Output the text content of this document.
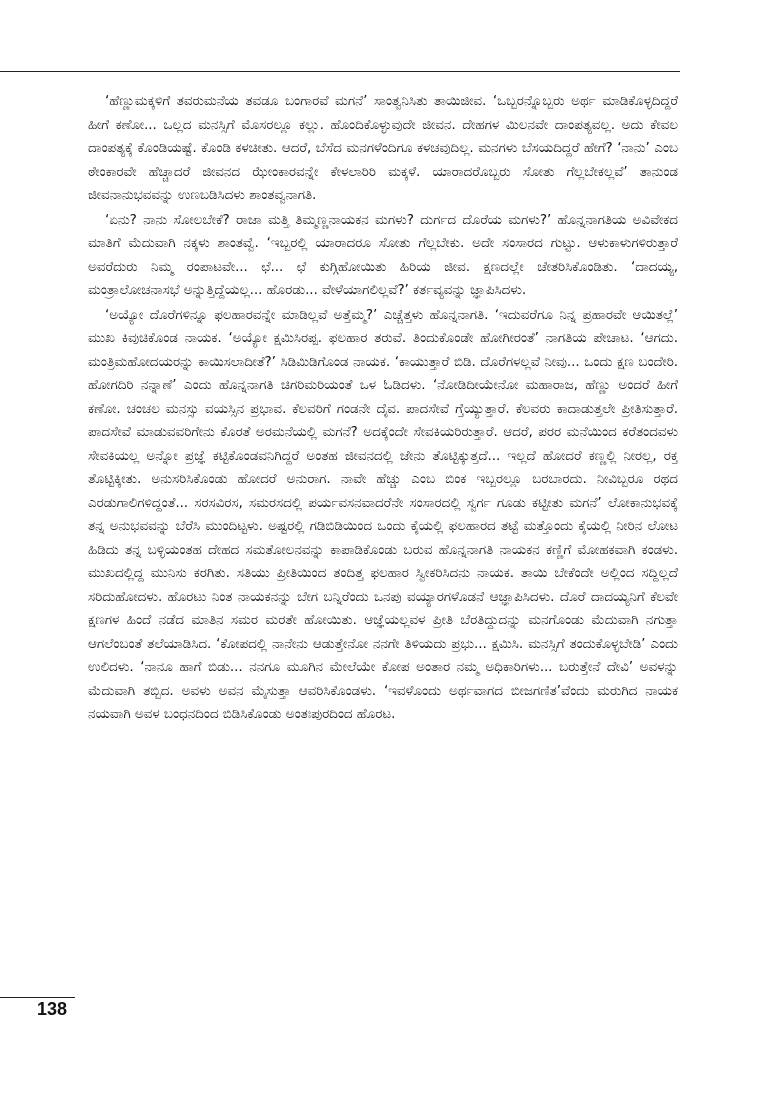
‘ಹೆಣ್ಣುಮಕ್ಕಳಿಗೆ ತವರುಮನೆಯ ತವಡೂ ಬಂಗಾರವೆ ಮಗನೆ’ ಸಾಂತ್ವನಿಸಿತು ತಾಯಿಜೀವ. ‘ಒಬ್ಬರನ್ನೊಬ್ಬರು ಅರ್ಥ ಮಾಡಿಕೊಳ್ಳದಿದ್ದರೆ ಹೀಗೆ ಕಣೋ... ಒಲ್ಲದ ಮನಸ್ಸಿಗೆ ಮೊಸರಲ್ಲೂ ಕಲ್ಲು. ಹೊಂದಿಕೊಳ್ಳುವುದೇ ಜೀವನ. ದೇಹಗಳ ಮಿಲನವೇ ದಾಂಪತ್ಯವಲ್ಲ. ಅದು ಕೇವಲ ದಾಂಪತ್ಯಕ್ಕೆ ಕೊಂಡಿಯಷ್ಟೆ. ಕೊಂಡಿ ಕಳಚೀತು. ಆದರೆ, ಬೆಸೆದ ಮನಗಳೆಂದಿಗೂ ಕಳಚವುದಿಲ್ಲ. ಮನಗಳು ಬೆಸಯದಿದ್ದರೆ ಹೇಗೆ? ‘ನಾನು’ ಎಂಬ ಠೇಂಕಾರವೇ ಹೆಚ್ಚಾದರೆ ಜೀವನದ ಝೇಂಕಾರವನ್ನೇ ಕೇಳಲಾರಿರಿ ಮಕ್ಕಳೆ. ಯಾರಾದರೊಬ್ಬರು ಸೋತು ಗೆಲ್ಲಬೇಕಲ್ಲವೆ’ ತಾನುಂಡ ಜೀವನಾನುಭವವನ್ನು ಉಣಬಡಿಸಿದಳು ಶಾಂತವ್ವನಾಗತಿ.

‘ಏನು? ನಾನು ಸೋಲಬೇಕೆ? ರಾಜಾ ಮತ್ತಿ ತಿಮ್ಮಣ್ಣನಾಯಕನ ಮಗಳು? ದುರ್ಗದ ದೊರೆಯ ಮಗಳು?’ ಹೊನ್ನನಾಗತಿಯ ಅವಿವೇಕದ ಮಾತಿಗೆ ಮೆದುವಾಗಿ ನಕ್ಕಳು ಶಾಂತವ್ವೆ. ‘ಇಬ್ಬರಲ್ಲಿ ಯಾರಾದರೂ ಸೋತು ಗೆಲ್ಲಬೇಕು. ಅದೇ ಸಂಸಾರದ ಗುಟ್ಟು. ಆಳುಕಾಳುಗಳಿರುತ್ತಾರೆ ಅವರೆದುರು ನಿಮ್ಮ ರಂಪಾಟವೇ... ಛೆ... ಛೆ ಕುಗ್ಗಿಹೋಯಿತು ಹಿರಿಯ ಜೀವ. ಕ್ಷಣದಲ್ಲೇ ಚೇತರಿಸಿಕೊಂಡಿತು. ‘ದಾದಯ್ಯ, ಮಂತ್ರಾಲೋಚನಾಸಭೆ ಅನ್ನುತ್ತಿದ್ದೆಯಲ್ಲ... ಹೊರಡು... ವೇಳೆಯಾಗಲಿಲ್ಲವೆ?’ ಕರ್ತವ್ಯವನ್ನು ಜ್ಞಾಪಿಸಿದಳು.

‘ಅಯ್ಯೋ ದೊರೆಗಳಿನ್ನೂ ಫಲಹಾರವನ್ನೇ ಮಾಡಿಲ್ಲವೆ ಅತ್ತೆಮ್ಮ?’ ಎಚ್ಚೆತ್ತಳು ಹೊನ್ನನಾಗತಿ. ‘ಇದುವರೆಗೂ ನಿನ್ನ ಪ್ರಹಾರವೇ ಆಯಿತಲ್ಲೆ’ ಮುಖ ಕಿವುಚಿಕೊಂಡ ನಾಯಕ. ‘ಅಯ್ಯೋ ಕ್ಷಮಿಸಿರಪ್ಪ. ಫಲಹಾರ ತರುವೆ. ತಿಂದುಕೊಂಡೇ ಹೋಗೀರಂತೆ’ ನಾಗತಿಯ ಪೇಚಾಟ. ‘ಆಗದು. ಮಂತ್ರಿಮಹೋದಯರನ್ನು ಕಾಯಿಸಲಾದೀತೆ?’ ಸಿಡಿಮಿಡಿಗೊಂಡ ನಾಯಕ. ‘ಕಾಯುತ್ತಾರೆ ಬಿಡಿ. ದೊರೆಗಳಲ್ಲವೆ ನೀವು... ಒಂದು ಕ್ಷಣ ಬಂದೇರಿ. ಹೋಗದಿರಿ ನನ್ನಾಣೆ’ ಎಂದು ಹೊನ್ನನಾಗತಿ ಚಿಗರಿಮರಿಯಂತೆ ಒಳ ಓಡಿದಳು. ‘ನೋಡಿದೀಯೇನೋ ಮಹಾರಾಜ, ಹೆಣ್ಣು ಅಂದರೆ ಹೀಗೆ ಕಣೋ. ಚಂಚಲ ಮನಸ್ಸು ವಯಸ್ಸಿನ ಪ್ರಭಾವ. ಕೆಲವರಿಗೆ ಗಂಡನೇ ದೈವ. ಪಾದಸೇವೆ ಗ್ತೆಯ್ಯುತ್ತಾರೆ. ಕೆಲವರು ಕಾದಾಡುತ್ತಲೇ ಪ್ರೀತಿಸುತ್ತಾರೆ. ಪಾದಸೇವೆ ಮಾಡುವವರಿಗೇನು ಕೊರತೆ ಅರಮನೆಯಲ್ಲಿ ಮಗನೆ? ಅದಕ್ಕೆಂದೇ ಸೇವಕಿಯರಿರುತ್ತಾರೆ. ಆದರೆ, ಪರರ ಮನೆಯಿಂದ ಕರೆತಂದವಳು ಸೇವಕಿಯಲ್ಲ ಅನ್ನೋ ಪ್ರಜ್ಞೆ ಕಟ್ಟಿಕೊಂಡವನಿಗಿದ್ದರೆ ಅಂತಹ ಜೀವನದಲ್ಲಿ ಜೇನು ತೊಟ್ಟಿಕ್ಕುತ್ತದೆ... ಇಲ್ಲದೆ ಹೋದರೆ ಕಣ್ಣಲ್ಲಿ ನೀರಲ್ಲ, ರಕ್ತ ತೊಟ್ಟಿಕ್ಕೀತು. ಅನುಸರಿಸಿಕೊಂಡು ಹೋದರೆ ಅನುರಾಗ. ನಾವೇ ಹೆಚ್ಚು ಎಂಬ ಬಿಂಕ ಇಬ್ಬರಲ್ಲೂ ಬರಬಾರದು. ನೀವಿಬ್ಬರೂ ರಥದ ಎರಡುಗಾಲಿಗಳಿದ್ದಂತೆ... ಸರಸವಿರಸ, ಸಮರಸದಲ್ಲಿ ಪರ್ಯವಸನವಾದರೆನೇ ಸಂಸಾರದಲ್ಲಿ ಸ್ವರ್ಗ ಗೂಡು ಕಟ್ಟೀತು ಮಗನೆ’ ಲೋಕಾನುಭವಕ್ಕೆ ತನ್ನ ಅನುಭವವನ್ನು ಬೆರೆಸಿ ಮುಂದಿಟ್ಟಳು. ಅಷ್ಟರಲ್ಲಿ ಗಡಿಬಿಡಿಯಿಂದ ಒಂದು ಕೈಯಲ್ಲಿ ಫಲಹಾರದ ತಟ್ಟೆ ಮತ್ತೊಂದು ಕೈಯಲ್ಲಿ ನೀರಿನ ಲೋಟ ಹಿಡಿದು ತನ್ನ ಬಳ್ಳಿಯಂತಹ ದೇಹದ ಸಮತೋಲನವನ್ನು ಕಾಪಾಡಿಕೊಂಡು ಬರುವ ಹೊನ್ನನಾಗತಿ ನಾಯಕನ ಕಣ್ಣಿಗೆ ಮೋಹಕವಾಗಿ ಕಂಡಳು. ಮುಖದಲ್ಲಿದ್ದ ಮುನಿಸು ಕರಗಿತು. ಸತಿಯು ಪ್ರೀತಿಯಿಂದ ತಂದಿತ್ತ ಫಲಹಾರ ಸ್ವೀಕರಿಸಿದನು ನಾಯಕ. ತಾಯಿ ಬೇಕೆಂದೇ ಅಲ್ಲಿಂದ ಸದ್ದಿಲ್ಲದೆ ಸರಿದುಹೋದಳು. ಹೊರಟು ನಿಂತ ನಾಯಕನನ್ನು ಬೇಗ ಬನ್ನಿರೆಂದು ಒನಪು ವಯ್ಯಾರಗಳೊಡನೆ ಆಜ್ಞಾಪಿಸಿದಳು. ದೊರೆ ದಾದಯ್ಯನಿಗೆ ಕೆಲವೇ ಕ್ಷಣಗಳ ಹಿಂದೆ ನಡೆದ ಮಾತಿನ ಸಮರ ಮರತೇ ಹೋಯಿತು. ಆಜ್ಞೆಯಲ್ಲವಳ ಪ್ರೀತಿ ಬೆರತಿದ್ದುದನ್ನು ಮನಗೊಂಡು ಮೆದುವಾಗಿ ನಗುತ್ತಾ ಆಗಲೆಂಬಂತೆ ತಲೆಯಾಡಿಸಿದ. ‘ಕೋಪದಲ್ಲಿ ನಾನೇನು ಆಡುತ್ತೇನೋ ನನಗೇ ತಿಳಿಯದು ಪ್ರಭು... ಕ್ಷಮಿಸಿ. ಮನಸ್ಸಿಗೆ ತಂದುಕೊಳ್ಳಬೇಡಿ’ ಎಂದು ಉಲಿದಳು. ‘ನಾನೂ ಹಾಗೆ ಬಿಡು... ನನಗೂ ಮೂಗಿನ ಮೇಲೆಯೇ ಕೋಪ ಅಂತಾರ ನಮ್ಮ ಅಧಿಕಾರಿಗಳು... ಬರುತ್ತೇನೆ ದೇವಿ’ ಅವಳನ್ನು ಮೆದುವಾಗಿ ತಬ್ಬಿದ. ಅವಳು ಅವನ ಮೈಸುತ್ತಾ ಆವರಿಸಿಕೊಂಡಳು. ‘ಇವಳೊಂದು ಅರ್ಥವಾಗದ ಬೀಜಗಣಿತ’ವೆಂದು ಮರುಗಿದ ನಾಯಕ ನಯವಾಗಿ ಅವಳ ಬಂಧನದಿಂದ ಬಿಡಿಸಿಕೊಂಡು ಅಂತಃಪುರದಿಂದ ಹೊರಟ.

138
